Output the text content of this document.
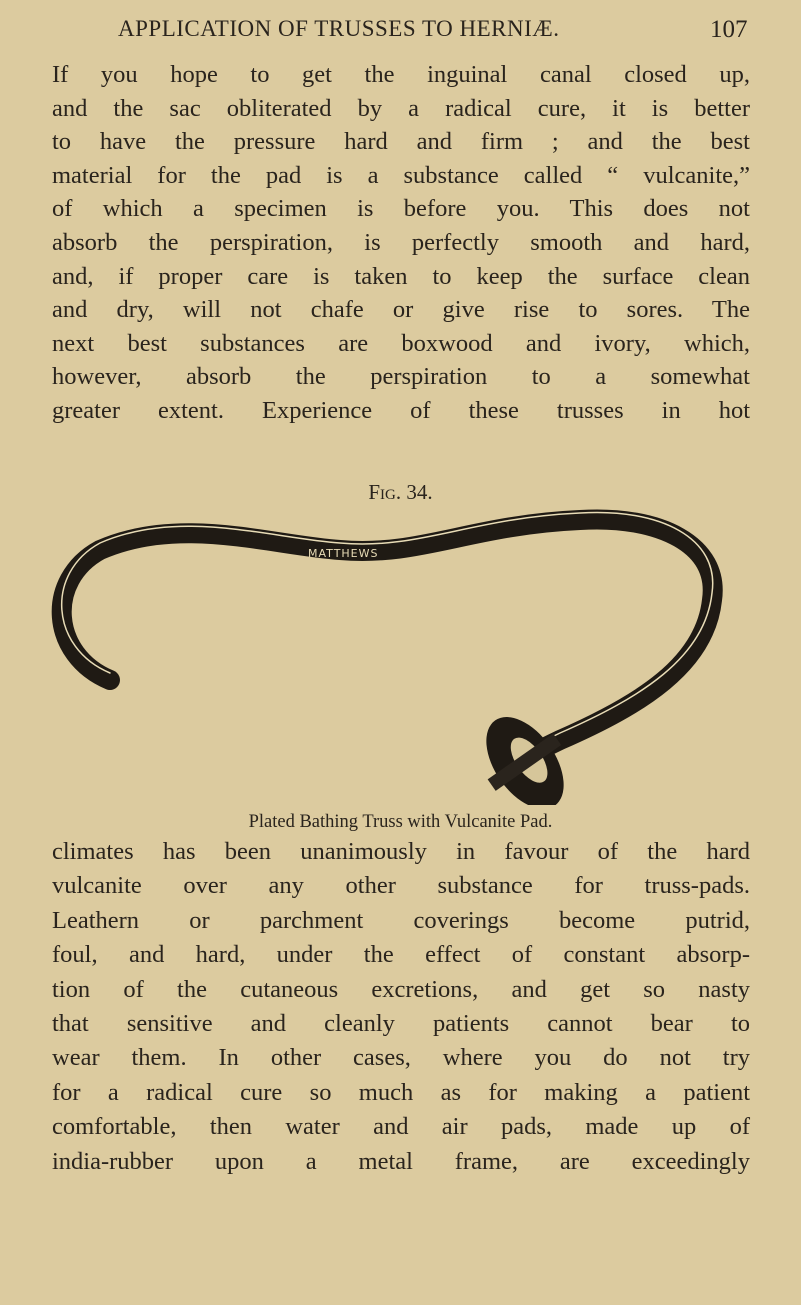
APPLICATION OF TRUSSES TO HERNIÆ.	107
If you hope to get the inguinal canal closed up,
and the sac obliterated by a radical cure, it is better
to have the pressure hard and firm ; and the best
material for the pad is a substance called “ vulcanite,”
of which a specimen is before you. This does not
absorb the perspiration, is perfectly smooth and hard,
and, if proper care is taken to keep the surface clean
and dry, will not chafe or give rise to sores. The
next best substances are boxwood and ivory, which,
however, absorb the perspiration to a somewhat
greater extent. Experience of these trusses in hot
Fig. 34.
MATTHEWS
Plated Bathing Truss with Vulcanite Pad.
climates has been unanimously in favour of the hard
vulcanite over any other substance for truss-pads.
Leathern or parchment coverings become putrid,
foul, and hard, under the effect of constant absorp-
tion of the cutaneous excretions, and get so nasty
that sensitive and cleanly patients cannot bear to
wear them. In other cases, where you do not try
for a radical cure so much as for making a patient
comfortable, then water and air pads, made up of
india-rubber upon a metal frame, are exceedingly
